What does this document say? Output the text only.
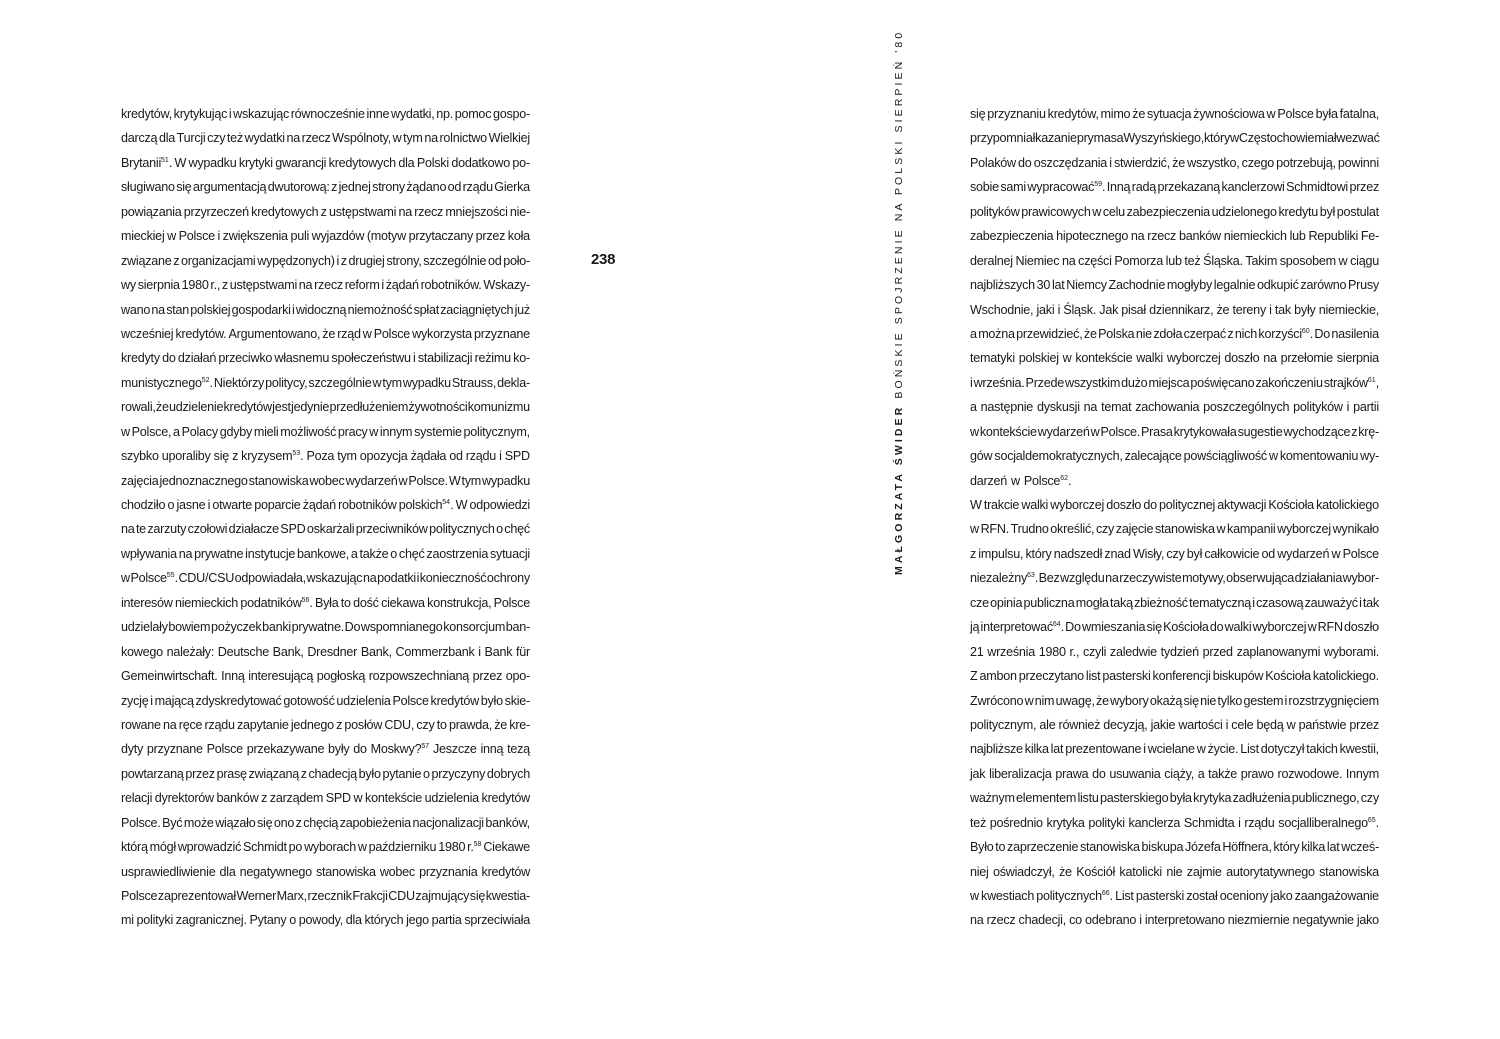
kredytów, krytykując i wskazując równocześnie inne wydatki, np. pomoc gospo-
darczą dla Turcji czy też wydatki na rzecz Wspólnoty, w tym na rolnictwo Wielkiej
Brytanii$^{51}$. W wypadku krytyki gwarancji kredytowych dla Polski dodatkowo po-
sługiwano się argumentacją dwutorową: z jednej strony żądano od rządu Gierka
powiązania przyrzeczeń kredytowych z ustępstwami na rzecz mniejszości nie-
mieckiej w Polsce i zwiększenia puli wyjazdów (motyw przytaczany przez koła
związane z organizacjami wypędzonych) i z drugiej strony, szczególnie od poło-
wy sierpnia 1980 r., z ustępstwami na rzecz reform i żądań robotników. Wskazy-
wano na stan polskiej gospodarki i widoczną niemożność spłat zaciągniętych już
wcześniej kredytów. Argumentowano, że rząd w Polsce wykorzysta przyznane
kredyty do działań przeciwko własnemu społeczeństwu i stabilizacji reżimu ko-
munistycznego$^{52}$. Niektórzy politycy, szczególnie w tym wypadku Strauss, dekla-
rowali, że udzielenie kredytów jest jedynie przedłużeniem żywotności komunizmu
w Polsce, a Polacy gdyby mieli możliwość pracy w innym systemie politycznym,
szybko uporaliby się z kryzysem$^{53}$. Poza tym opozycja żądała od rządu i SPD
zajęcia jednoznacznego stanowiska wobec wydarzeń w Polsce. W tym wypadku
chodziło o jasne i otwarte poparcie żądań robotników polskich$^{54}$. W odpowiedzi
na te zarzuty czołowi działacze SPD oskarżali przeciwników politycznych o chęć
wpływania na prywatne instytucje bankowe, a także o chęć zaostrzenia sytuacji
w Polsce$^{55}$. CDU/CSU odpowiadała, wskazując na podatki i konieczność ochrony
interesów niemieckich podatników$^{56}$. Była to dość ciekawa konstrukcja, Polsce
udzielały bowiem pożyczek banki prywatne. Do wspomnianego konsorcjum ban-
kowego należały: Deutsche Bank, Dresdner Bank, Commerzbank i Bank für
Gemeinwirtschaft. Inną interesującą pogłoską rozpowszechnianą przez opo-
zycję i mającą zdyskredytować gotowość udzielenia Polsce kredytów było skie-
rowane na ręce rządu zapytanie jednego z posłów CDU, czy to prawda, że kre-
dyty przyznane Polsce przekazywane były do Moskwy?$^{57}$ Jeszcze inną tezą
powtarzaną przez prasę związaną z chadecją było pytanie o przyczyny dobrych
relacji dyrektorów banków z zarządem SPD w kontekście udzielenia kredytów
Polsce. Być może wiązało się ono z chęcią zapobieżenia nacjonalizacji banków,
którą mógł wprowadzić Schmidt po wyborach w październiku 1980 r.$^{58}$ Ciekawe
usprawiedliwienie dla negatywnego stanowiska wobec przyznania kredytów
Polsce zaprezentował Werner Marx, rzecznik Frakcji CDU zajmujący się kwestia-
mi polityki zagranicznej. Pytany o powody, dla których jego partia sprzeciwiała
238
MAŁGORZATA ŚWIDER BOŃSKIE SPOJRZENIE NA POLSKI SIERPIEŃ '80	się przyznaniu kredytów, mimo że sytuacja żywnościowa w Polsce była fatalna,
przypomniał kazanie prymasa Wyszyńskiego, który w Częstochowie miał wezwać
Polaków do oszczędzania i stwierdzić, że wszystko, czego potrzebują, powinni
sobie sami wypracować$^{59}$. Inną radą przekazaną kanclerzowi Schmidtowi przez
polityków prawicowych w celu zabezpieczenia udzielonego kredytu był postulat
zabezpieczenia hipotecznego na rzecz banków niemieckich lub Republiki Fe-
deralnej Niemiec na części Pomorza lub też Śląska. Takim sposobem w ciągu
najbliższych 30 lat Niemcy Zachodnie mogłyby legalnie odkupić zarówno Prusy
Wschodnie, jaki i Śląsk. Jak pisał dziennikarz, że tereny i tak były niemieckie,
a można przewidzieć, że Polska nie zdoła czerpać z nich korzyści$^{60}$. Do nasilenia
tematyki polskiej w kontekście walki wyborczej doszło na przełomie sierpnia
i września. Przede wszystkim dużo miejsca poświęcano zakończeniu strajków$^{61}$,
a następnie dyskusji na temat zachowania poszczególnych polityków i partii
w kontekście wydarzeń w Polsce. Prasa krytykowała sugestie wychodzące z krę-
gów socjaldemokratycznych, zalecające powściągliwość w komentowaniu wy-
darzeń w Polsce$^{62}$.
W trakcie walki wyborczej doszło do politycznej aktywacji Kościoła katolickiego
w RFN. Trudno określić, czy zajęcie stanowiska w kampanii wyborczej wynikało
z impulsu, który nadszedł znad Wisły, czy był całkowicie od wydarzeń w Polsce
niezależny$^{63}$. Bez względu na rzeczywiste motywy, obserwująca działania wybor-
cze opinia publiczna mogła taką zbieżność tematyczną i czasową zauważyć i tak
ją interpretować$^{64}$. Do wmieszania się Kościoła do walki wyborczej w RFN doszło
21 września 1980 r., czyli zaledwie tydzień przed zaplanowanymi wyborami.
Z ambon przeczytano list pasterski konferencji biskupów Kościoła katolickiego.
Zwrócono w nim uwagę, że wybory okażą się nie tylko gestem i rozstrzygnięciem
politycznym, ale również decyzją, jakie wartości i cele będą w państwie przez
najbliższe kilka lat prezentowane i wcielane w życie. List dotyczył takich kwestii,
jak liberalizacja prawa do usuwania ciąży, a także prawo rozwodowe. Innym
ważnym elementem listu pasterskiego była krytyka zadłużenia publicznego, czy
też pośrednio krytyka polityki kanclerza Schmidta i rządu socjalliberalnego$^{65}$.
Było to zaprzeczenie stanowiska biskupa Józefa Höffnera, który kilka lat wcześ-
niej oświadczył, że Kościół katolicki nie zajmie autorytatywnego stanowiska
w kwestiach politycznych$^{66}$. List pasterski został oceniony jako zaangażowanie
na rzecz chadecji, co odebrano i interpretowano niezmiernie negatywnie jako
